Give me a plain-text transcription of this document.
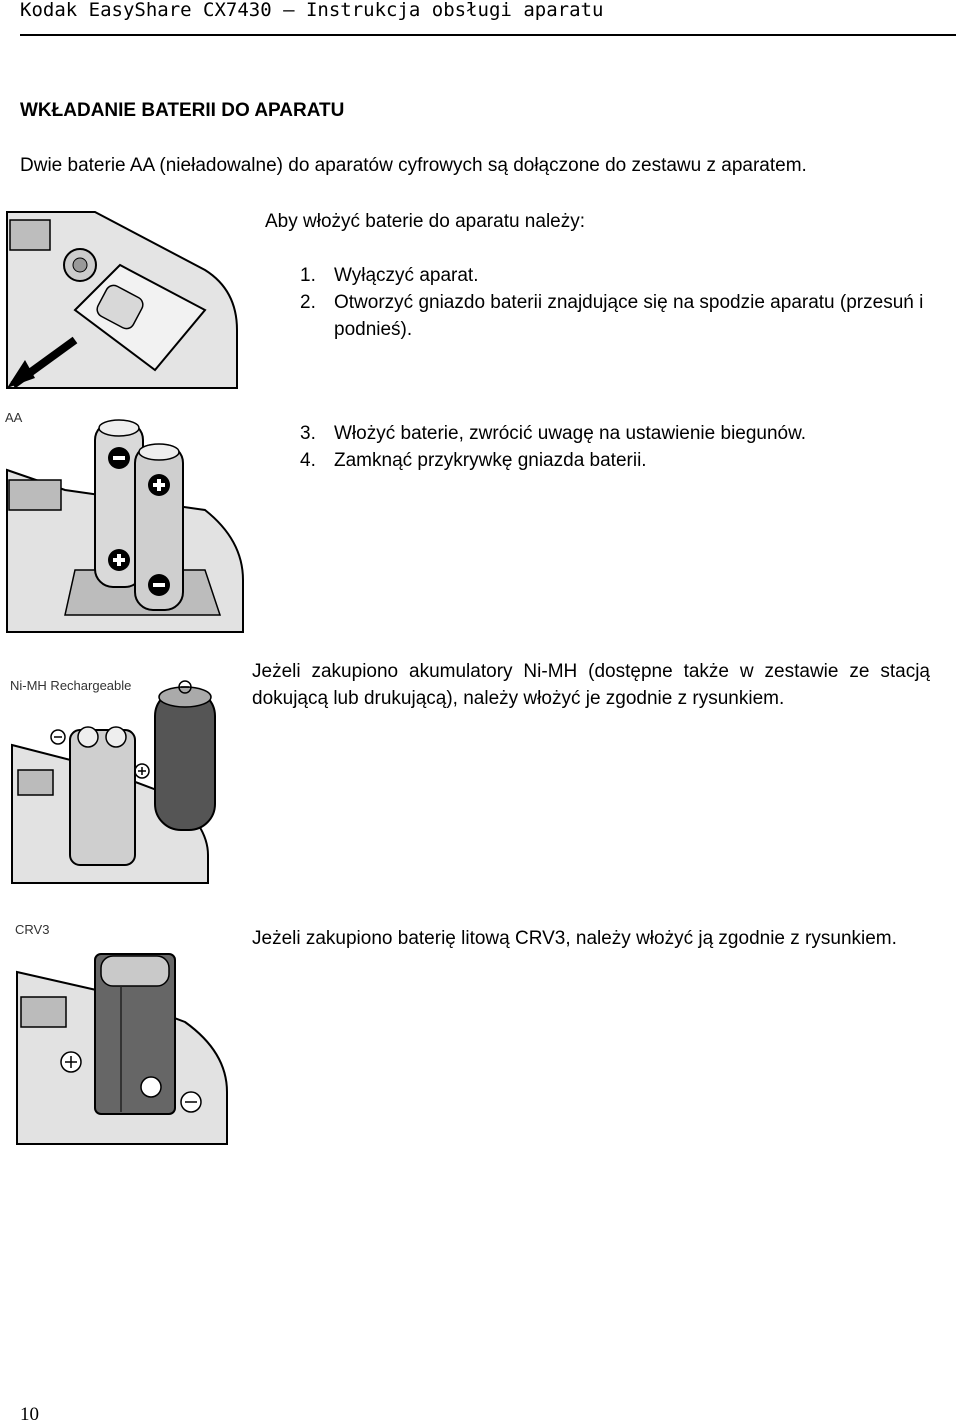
Kodak EasyShare CX7430 – Instrukcja obsługi aparatu
WKŁADANIE BATERII DO APARATU
Dwie baterie AA (nieładowalne) do aparatów cyfrowych są dołączone do zestawu z aparatem.
Aby włożyć baterie do aparatu należy:
1. Wyłączyć aparat.
2. Otworzyć gniazdo baterii znajdujące się na spodzie aparatu (przesuń i podnieś).
3. Włożyć baterie, zwrócić uwagę na ustawienie biegunów.
4. Zamknąć przykrywkę gniazda baterii.
Jeżeli zakupiono akumulatory Ni-MH (dostępne także w zestawie ze stacją dokującą lub drukującą), należy włożyć je zgodnie z rysunkiem.
Jeżeli zakupiono baterię litową CRV3, należy włożyć ją zgodnie z rysunkiem.
AA
Ni-MH Rechargeable
CRV3
10
